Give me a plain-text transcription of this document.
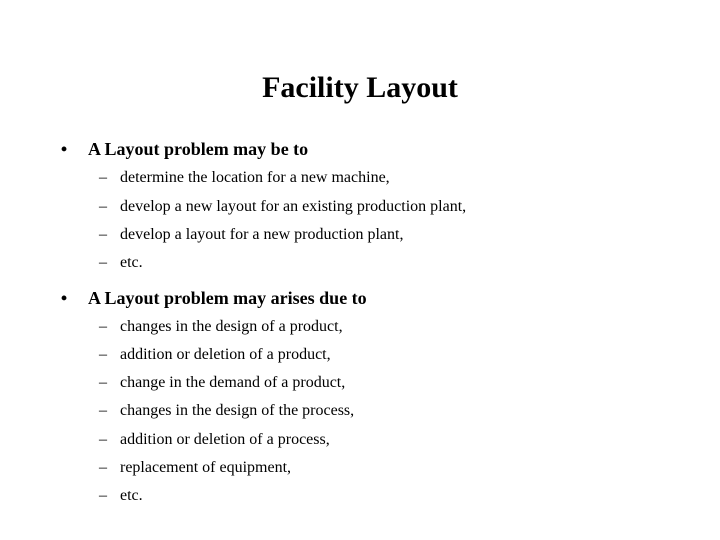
Facility Layout
• A Layout problem may be to
– determine the location for a new machine,
– develop a new layout for an existing production plant,
– develop a layout for a new production plant,
– etc.
• A Layout problem may arises due to
– changes in the design of a product,
– addition or deletion of a product,
– change in the demand of a product,
– changes in the design of the process,
– addition or deletion of a process,
– replacement of equipment,
– etc.
